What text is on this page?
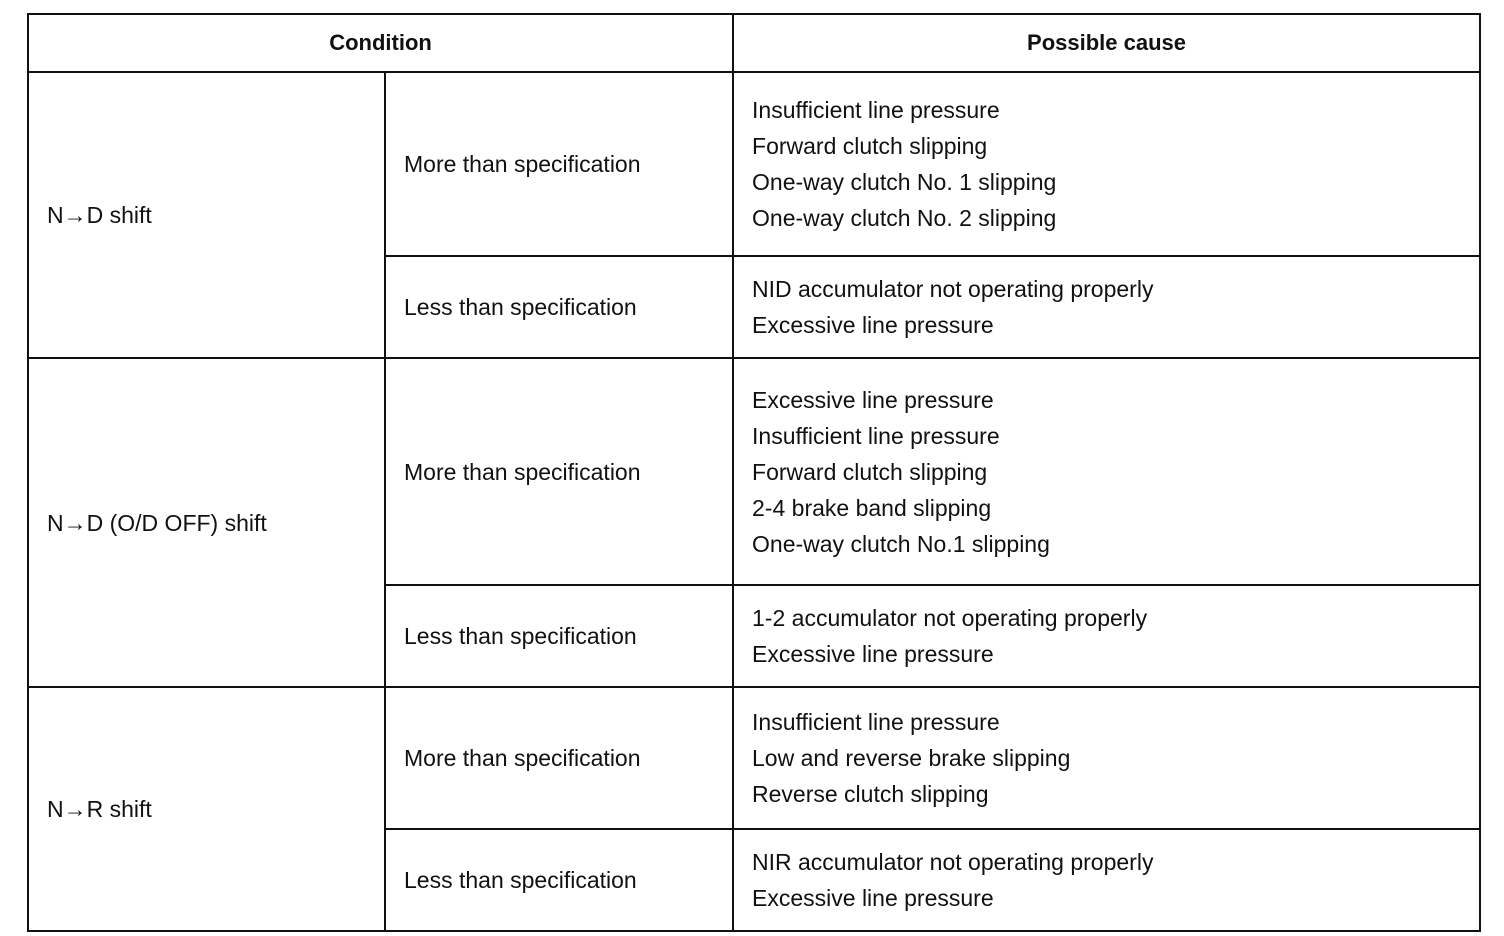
Condition		Possible cause
N→D shift	More than specification	Insufficient line pressure
Forward clutch slipping
One-way clutch No. 1 slipping
One-way clutch No. 2 slipping

	Less than specification	NID accumulator not operating properly
Excessive line pressure

N→D (O/D OFF) shift	More than specification	Excessive line pressure
Insufficient line pressure
Forward clutch slipping
2-4 brake band slipping
One-way clutch No.1 slipping

	Less than specification	1-2 accumulator not operating properly
Excessive line pressure

N→R shift	More than specification	Insufficient line pressure
Low and reverse brake slipping
Reverse clutch slipping

	Less than specification	NIR accumulator not operating properly
Excessive line pressure
